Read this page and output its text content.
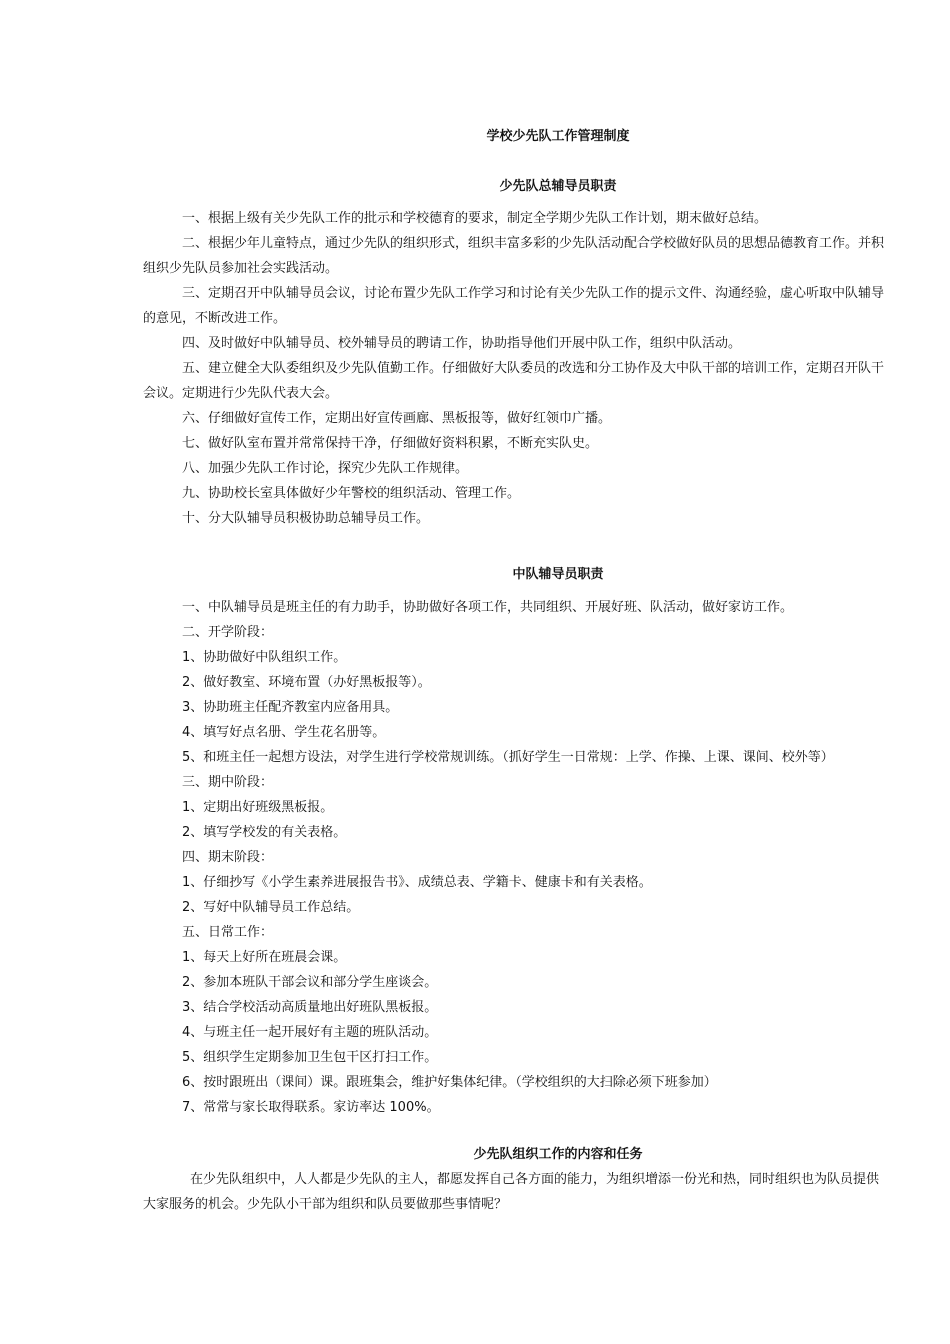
学校少先队工作管理制度
少先队总辅导员职责
一、根据上级有关少先队工作的批示和学校德育的要求，制定全学期少先队工作计划，期末做好总结。
二、根据少年儿童特点，通过少先队的组织形式，组织丰富多彩的少先队活动配合学校做好队员的思想品德教育工作。并积
组织少先队员参加社会实践活动。
三、定期召开中队辅导员会议，讨论布置少先队工作学习和讨论有关少先队工作的提示文件、沟通经验，虚心听取中队辅导
的意见，不断改进工作。
四、及时做好中队辅导员、校外辅导员的聘请工作，协助指导他们开展中队工作，组织中队活动。
五、建立健全大队委组织及少先队值勤工作。仔细做好大队委员的改选和分工协作及大中队干部的培训工作，定期召开队干
会议。定期进行少先队代表大会。
六、仔细做好宣传工作，定期出好宣传画廊、黑板报等，做好红领巾广播。
七、做好队室布置并常常保持干净，仔细做好资料积累，不断充实队史。
八、加强少先队工作讨论，探究少先队工作规律。
九、协助校长室具体做好少年警校的组织活动、管理工作。
十、分大队辅导员积极协助总辅导员工作。
中队辅导员职责
一、中队辅导员是班主任的有力助手，协助做好各项工作，共同组织、开展好班、队活动，做好家访工作。
二、开学阶段：
1、协助做好中队组织工作。
2、做好教室、环境布置（办好黑板报等）。
3、协助班主任配齐教室内应备用具。
4、填写好点名册、学生花名册等。
5、和班主任一起想方设法，对学生进行学校常规训练。（抓好学生一日常规：上学、作操、上课、课间、校外等）
三、期中阶段：
1、定期出好班级黑板报。
2、填写学校发的有关表格。
四、期末阶段：
1、仔细抄写《小学生素养进展报告书》、成绩总表、学籍卡、健康卡和有关表格。
2、写好中队辅导员工作总结。
五、日常工作：
1、每天上好所在班晨会课。
2、参加本班队干部会议和部分学生座谈会。
3、结合学校活动高质量地出好班队黑板报。
4、与班主任一起开展好有主题的班队活动。
5、组织学生定期参加卫生包干区打扫工作。
6、按时跟班出（课间）课。跟班集会，维护好集体纪律。（学校组织的大扫除必须下班参加）
7、常常与家长取得联系。家访率达 100%。
少先队组织工作的内容和任务
在少先队组织中，人人都是少先队的主人，都愿发挥自己各方面的能力，为组织增添一份光和热，同时组织也为队员提供
大家服务的机会。少先队小干部为组织和队员要做那些事情呢？
